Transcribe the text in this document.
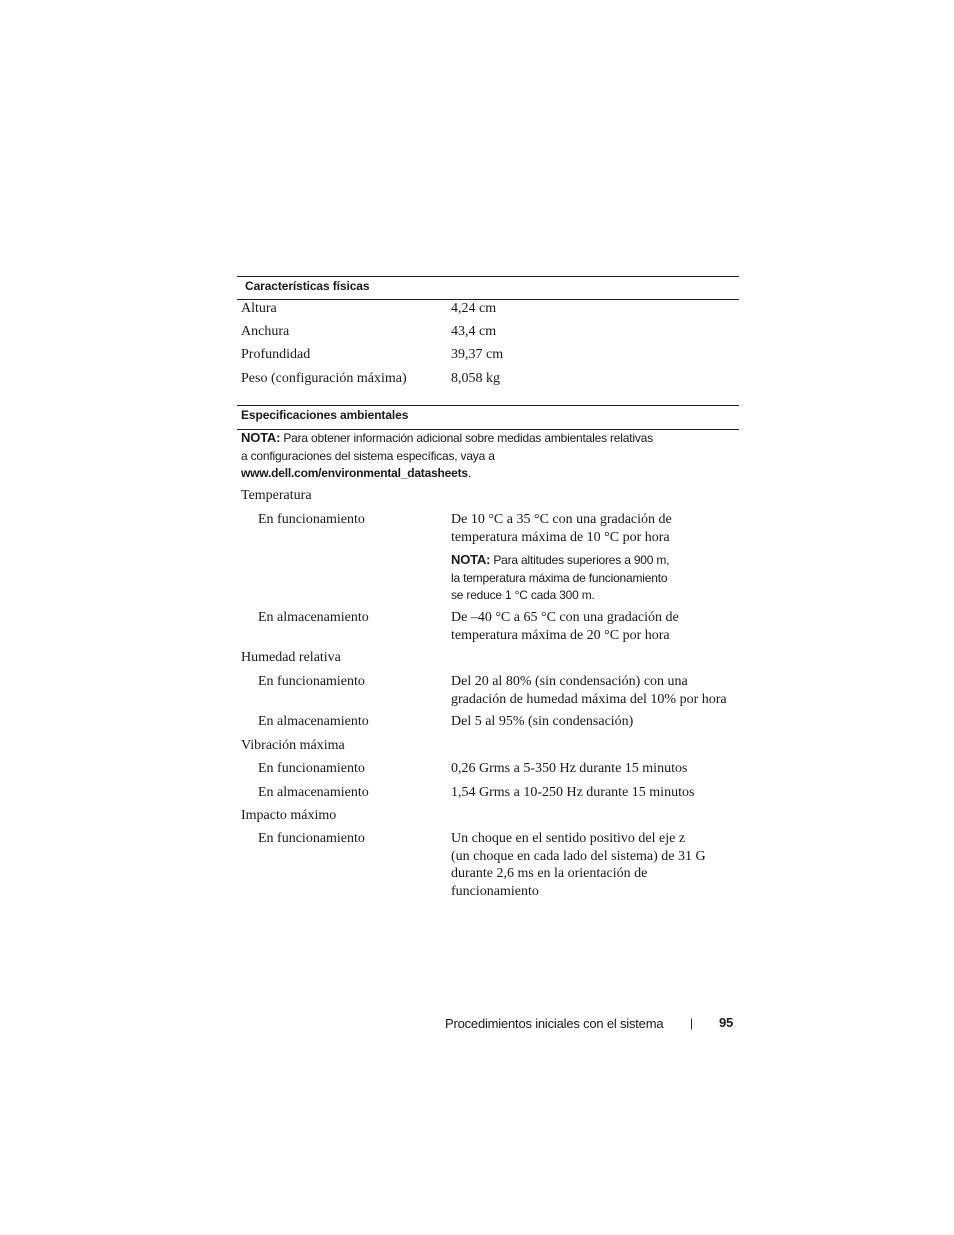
Características físicas
Altura	4,24 cm
Anchura	43,4 cm
Profundidad	39,37 cm
Peso (configuración máxima)	8,058 kg
Especificaciones ambientales
NOTA: Para obtener información adicional sobre medidas ambientales relativas
a configuraciones del sistema específicas, vaya a
www.dell.com/environmental_datasheets.
Temperatura
En funcionamiento	De 10 °C a 35 °C con una gradación de
temperatura máxima de 10 °C por hora
NOTA: Para altitudes superiores a 900 m,
la temperatura máxima de funcionamiento
se reduce 1 °C cada 300 m.
En almacenamiento	De –40 °C a 65 °C con una gradación de
temperatura máxima de 20 °C por hora
Humedad relativa
En funcionamiento	Del 20 al 80% (sin condensación) con una
gradación de humedad máxima del 10% por hora
En almacenamiento	Del 5 al 95% (sin condensación)
Vibración máxima
En funcionamiento	0,26 Grms a 5-350 Hz durante 15 minutos
En almacenamiento	1,54 Grms a 10-250 Hz durante 15 minutos
Impacto máximo
En funcionamiento	Un choque en el sentido positivo del eje z
(un choque en cada lado del sistema) de 31 G
durante 2,6 ms en la orientación de
funcionamiento
Procedimientos iniciales con el sistema | 95
